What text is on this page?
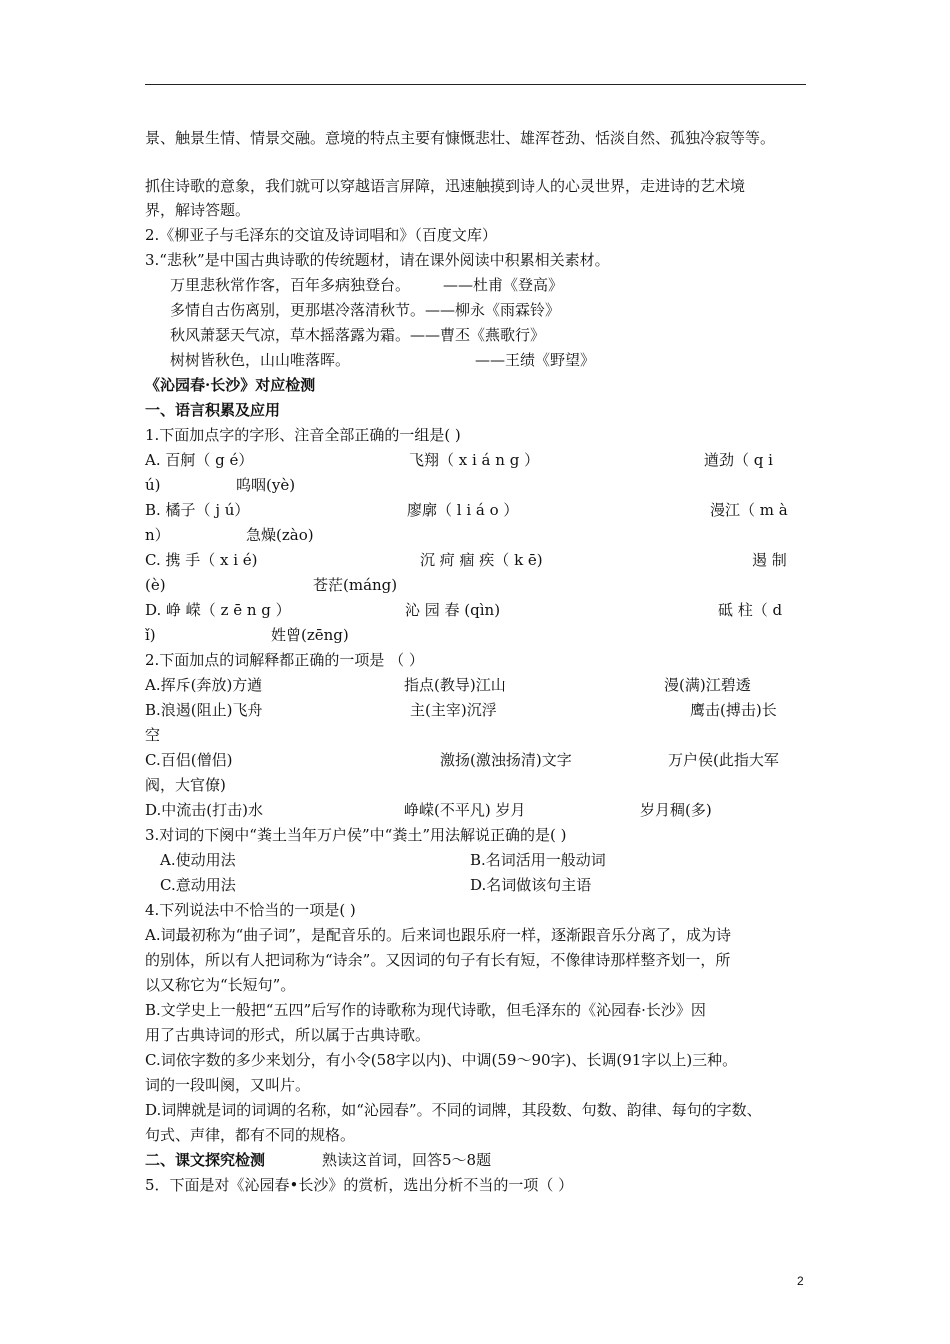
景、触景生情、情景交融。意境的特点主要有慷慨悲壮、雄浑苍劲、恬淡自然、孤独冷寂等等。
抓住诗歌的意象，我们就可以穿越语言屏障，迅速触摸到诗人的心灵世界，走进诗的艺术境
界，解诗答题。
2.《柳亚子与毛泽东的交谊及诗词唱和》（百度文库）
3.“悲秋”是中国古典诗歌的传统题材，请在课外阅读中积累相关素材。
万里悲秋常作客，百年多病独登台。 ——杜甫《登高》
多情自古伤离别，更那堪冷落清秋节。——柳永《雨霖铃》
秋风萧瑟天气凉，草木摇落露为霜。——曹丕《燕歌行》
树树皆秋色，山山唯落晖。	——王绩《野望》
《沁园春·长沙》对应检测
一、语言积累及应用
1.下面加点字的字形、注音全部正确的一组是( )
A. 百舸（ g é）	飞翔（ x i á n g ）	遒劲（ q i
ú)	呜咽(yè)
B. 橘子（ j ú）	廖廓（ l i á o ）	漫江（ m à
n）	急燥(zào)
C. 携 手（ x i é)	沉 疴 痼 疾（ k ē)	遏 制
(è)	苍茫(máng)
D. 峥 嵘（ z ē n g ）	沁 园 春 (qìn)	砥 柱（ d
ǐ)	姓曾(zēng)
2.下面加点的词解释都正确的一项是 （ ）
A.挥斥(奔放)方遒	指点(教导)江山	漫(满)江碧透
B.浪遏(阻止)飞舟	主(主宰)沉浮	鹰击(搏击)长
空
C.百侣(僧侣)	激扬(激浊扬清)文字	万户侯(此指大军
阀，大官僚)
D.中流击(打击)水	峥嵘(不平凡) 岁月	岁月稠(多)
3.对词的下阕中“粪土当年万户侯”中“粪土”用法解说正确的是( )
A.使动用法	B.名词活用一般动词
C.意动用法	D.名词做该句主语
4.下列说法中不恰当的一项是( )
A.词最初称为“曲子词”，是配音乐的。后来词也跟乐府一样，逐渐跟音乐分离了，成为诗
的别体，所以有人把词称为“诗余”。又因词的句子有长有短，不像律诗那样整齐划一，所
以又称它为“长短句”。
B.文学史上一般把“五四”后写作的诗歌称为现代诗歌，但毛泽东的《沁园春·长沙》因
用了古典诗词的形式，所以属于古典诗歌。
C.词依字数的多少来划分，有小令(58字以内)、中调(59～90字)、长调(91字以上)三种。
词的一段叫阕，又叫片。
D.词牌就是词的词调的名称，如“沁园春”。不同的词牌，其段数、句数、韵律、每句的字数、
句式、声律，都有不同的规格。
二、课文探究检测	熟读这首词，回答5～8题
5．下面是对《沁园春•长沙》的赏析，选出分析不当的一项（ ）
2
